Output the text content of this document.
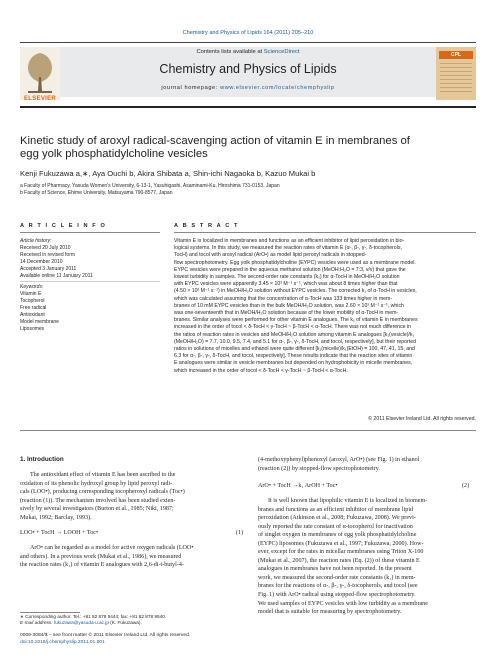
Chemistry and Physics of Lipids 164 (2011) 205–210
ELSEVIER
Contents lists available at ScienceDirect
Chemistry and Physics of Lipids
journal homepage: www.elsevier.com/locate/chemphyslip
CPL
Kinetic study of aroxyl radical-scavenging action of vitamin E in membranes of
egg yolk phosphatidylcholine vesicles
Kenji Fukuzawa a,∗, Aya Ouchi b, Akira Shibata a, Shin-ichi Nagaoka b, Kazuo Mukai b
a Faculty of Pharmacy, Yasuda Women's University, 6-13-1, Yasuhigashi, Asaminami-Ku, Hiroshima 731-0153, Japan
b Faculty of Science, Ehime University, Matsuyama 790-8577, Japan
A R T I C L E I N F O
Article history:
Received 20 July 2010
Received in revised form
14 December 2010
Accepted 3 January 2011
Available online 11 January 2011
Keywords:
Vitamin E
Tocopherol
Free radical
Antioxidant
Model membrane
Liposomes
A B S T R A C T
Vitamin E is localized in membranes and functions as an efficient inhibitor of lipid peroxidation in bio-
logical systems. In this study, we measured the reaction rates of vitamin E (α-, β-, γ-, δ-tocopherols,
TocH) and tocol with aroxyl radical (ArO•) as model lipid peroxyl radicals in stopped-
flow spectrophotometry. Egg yolk phosphatidylcholine (EYPC) vesicles were used as a membrane model.
EYPC vesicles were prepared in the aqueous methanol solution (MeOH:H₂O = 7:3, v/v) that gave the
lowest turbidity in samples. The second-order rate constants (k₁) for α-TocH in MeOH/H₂O solution
with EYPC vesicles were apparently 3.45 × 10³ M⁻¹ s⁻¹, which was about 8 times higher than that
(4.50 × 10² M⁻¹ s⁻¹) in MeOH/H₂O solution without EYPC vesicles. The corrected k₁ of α-TocH in vesicles,
which was calculated assuming that the concentration of α-TocH was 133 times higher in mem-
branes of 10 mM EYPC vesicles than in the bulk MeOH/H₂O solution, was 2.60 × 10¹ M⁻¹ s⁻¹, which
was one-seventeenth that in MeOH/H₂O solution because of the lower mobility of α-TocH in mem-
branes. Similar analyses were performed for other vitamin E analogues. The k₁ of vitamin E in membranes
increased in the order of tocol < δ-TocH < γ-TocH ~ β-TocH < α-TocH. There was not much difference in
the ratios of reaction rates in vesicles and MeOH/H₂O solution among vitamin E analogues [k₁(vesicle)/k₁
(MeOH/H₂O) = 7.7, 10.0, 9.5, 7.4, and 5.1 for α-, β-, γ-, δ-TocH, and tocol, respectively], but their reported
ratios in solutions of micelles and ethanol were quite different [k₁(micelle)/k₁(EtOH) = 100, 47, 41, 15, and
6.3 for α-, β-, γ-, δ-TocH, and tocol, respectively]. These results indicate that the reaction sites of vitamin
E analogues were similar in vesicle membranes but depended on hydrophobicity in micelle membranes,
which increased in the order of tocol < δ-TocH < γ-TocH ~ β-TocH < α-TocH.
© 2011 Elsevier Ireland Ltd. All rights reserved.
1. Introduction
The antioxidant effect of vitamin E has been ascribed to the
oxidation of its phenolic hydroxyl group by lipid peroxyl radi-
cals (LOO•), producing corresponding tocopheroxyl radicals (Toc•)
(reaction (1)). The mechanism involved has been studied exten-
sively by several investigators (Burton et al., 1985; Niki, 1987;
Mukai, 1992; Barclay, 1993).
LOO• + TocH → LOOH + Toc•	(1)
ArO• can be regarded as a model for active oxygen radicals (LOO•
and others). In a previous work (Mukai et al., 1986), we measured
the reaction rates (k₁) of vitamin E analogues with 2,6-di-t-butyl-4-
(4-methoxyphenyl)phenoxyl (aroxyl, ArO•) (see Fig. 1) in ethanol
(reaction (2)) by stopped-flow spectrophotometry.
ArO• + TocH →k₁ ArOH + Toc•	(2)
It is well known that lipophilic vitamin E is localized in biomem-
branes and functions as an efficient inhibitor of membrane lipid
peroxidation (Atkinson et al., 2008; Fukuzawa, 2008). We previ-
ously reported the rate constant of α-tocopherol for inactivation
of singlet oxygen in membranes of egg yolk phosphatidylcholine
(EYPC) liposomes (Fukuzawa et al., 1997; Fukuzawa, 2000). How-
ever, except for the rates in micellar membranes using Triton X-100
(Mukai et al., 2007), the reaction rates (Eq. (2)) of these vitamin E
analogues in membranes have not been reported. In the present
work, we measured the second-order rate constants (k₁) in mem-
branes for the reactions of α-, β-, γ-, δ-tocopherols, and tocol (see
Fig. 1) with ArO• radical using stopped-flow spectrophotometry.
We used samples of EYPC vesicles with low turbidity as a membrane
model that is suitable for measuring by spectrophotometry.
∗ Corresponding author. Tel.: +81 82 878 9444; fax: +81 82 878 9540.
E-mail address: fukuzawa@yasuda-u.ac.jp (K. Fukuzawa).
0009-3084/$ – see front matter © 2011 Elsevier Ireland Ltd. All rights reserved.
doi:10.1016/j.chemphyslip.2011.01.001
